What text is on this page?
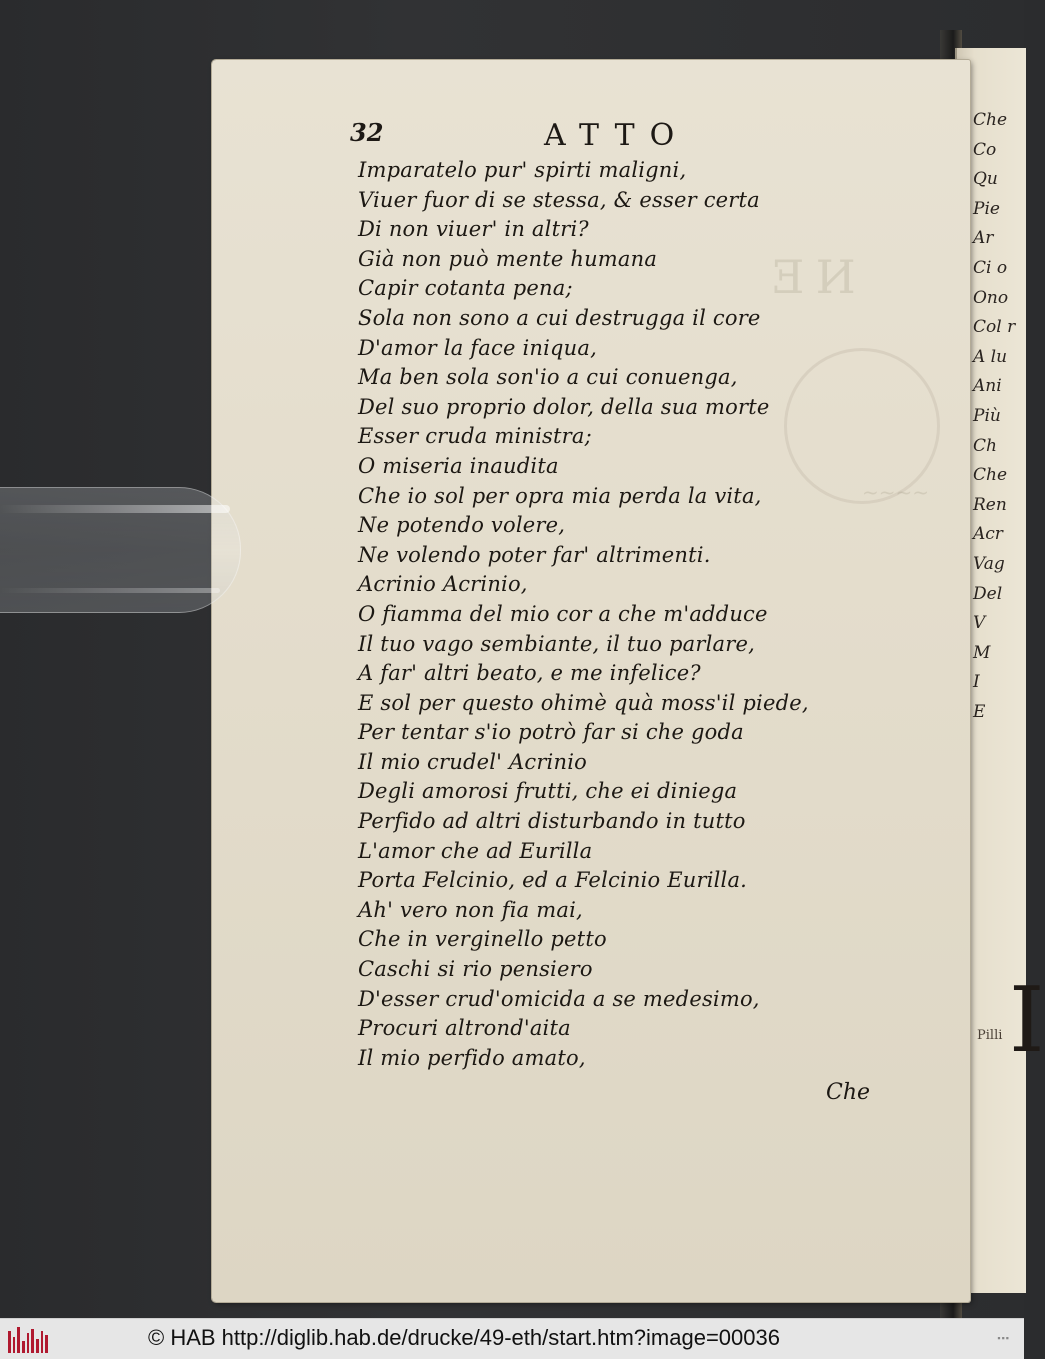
Pilli I
Che
Co
Qu
Pie
Ar
Ci o
Ono
Col r
A lu
Ani
Più
Ch
Che
Ren
Acr
Vag
Del
V
M
I
E
ƎИ
~~~~
32	ATTO
Imparatelo pur' spirti maligni,
Viuer fuor di se stessa, & esser certa
Di non viuer' in altri?
Già non può mente humana
Capir cotanta pena;
Sola non sono a cui destrugga il core
D'amor la face iniqua,
Ma ben sola son'io a cui conuenga,
Del suo proprio dolor, della sua morte
Esser cruda ministra;
O miseria inaudita
Che io sol per opra mia perda la vita,
Ne potendo volere,
Ne volendo poter far' altrimenti.
Acrinio Acrinio,
O fiamma del mio cor a che m'adduce
Il tuo vago sembiante, il tuo parlare,
A far' altri beato, e me infelice?
E sol per questo ohimè quà moss'il piede,
Per tentar s'io potrò far si che goda
Il mio crudel' Acrinio
Degli amorosi frutti, che ei diniega
Perfido ad altri disturbando in tutto
L'amor che ad Eurilla
Porta Felcinio, ed a Felcinio Eurilla.
Ah' vero non fia mai,
Che in verginello petto
Caschi si rio pensiero
D'esser crud'omicida a se medesimo,
Procuri altrond'aita
Il mio perfido amato,
Che
© HAB http://diglib.hab.de/drucke/49-eth/start.htm?image=00036	▪▪▪
